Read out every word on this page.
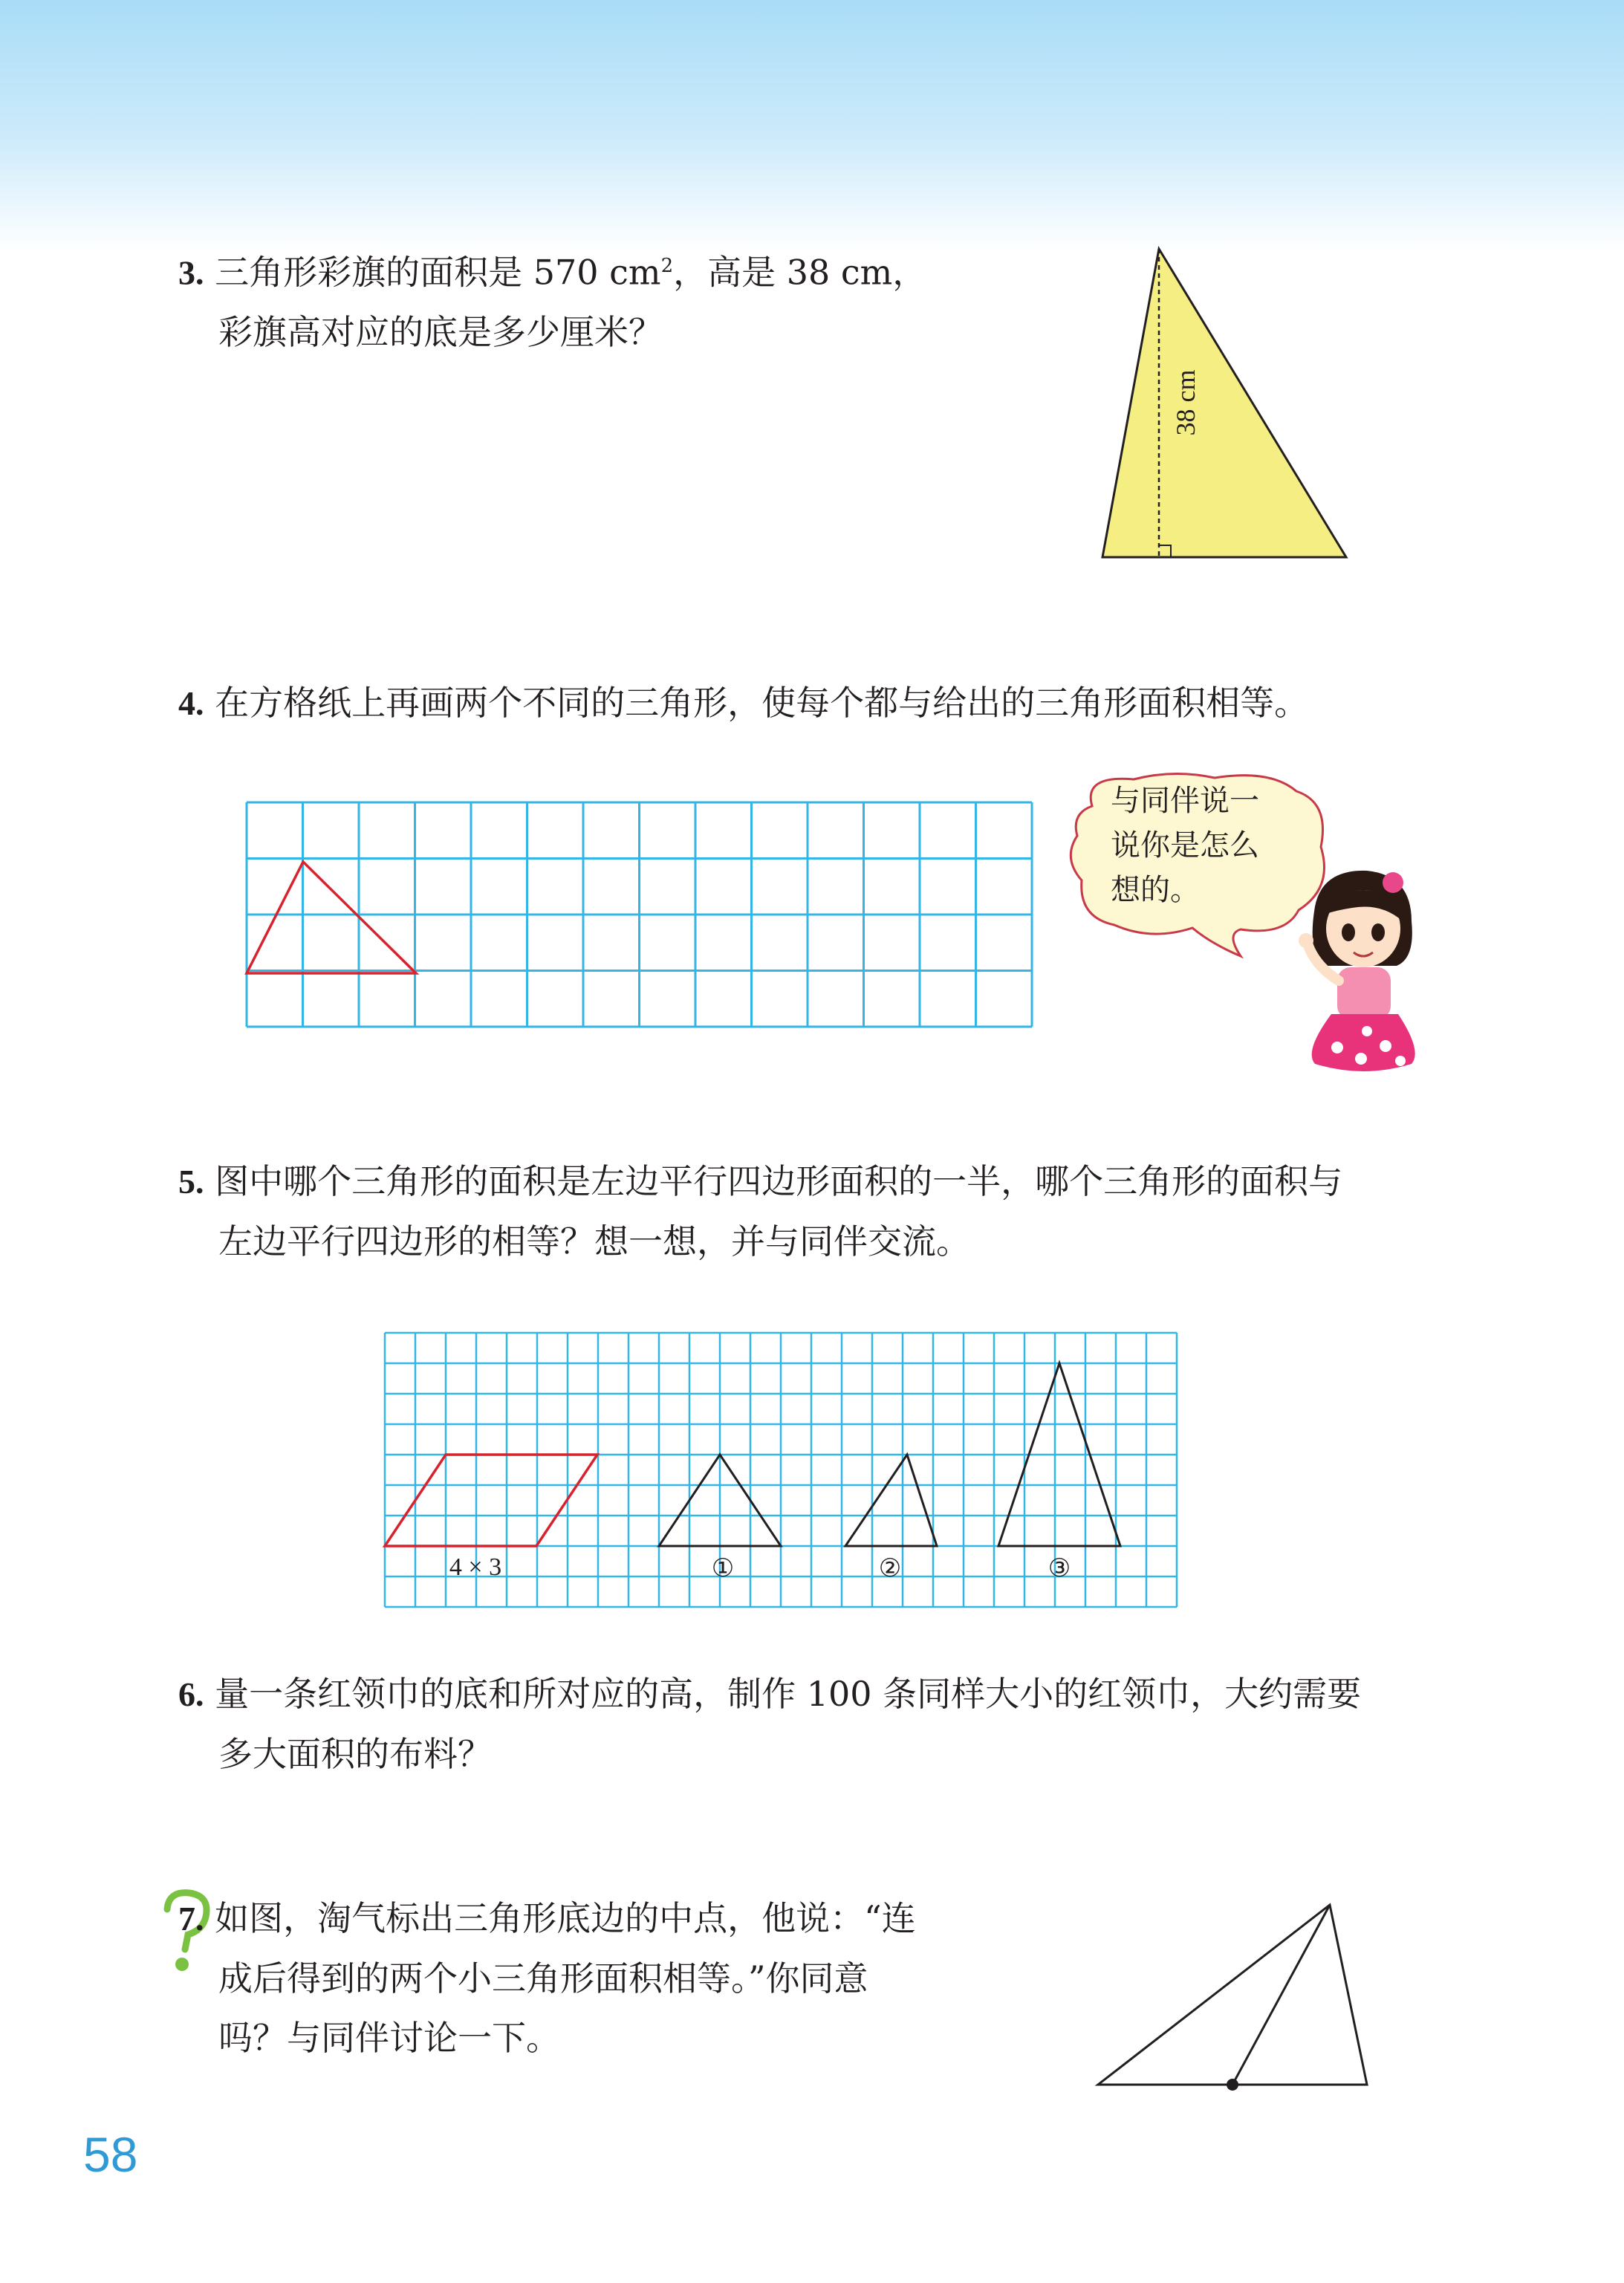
3. 三角形彩旗的面积是 570 $cm^2$，高是 38 cm，
彩旗高对应的底是多少厘米？
38 cm
4. 在方格纸上再画两个不同的三角形，使每个都与给出的三角形面积相等。
与同伴说一
说你是怎么
想的。
5. 图中哪个三角形的面积是左边平行四边形面积的一半，哪个三角形的面积与
左边平行四边形的相等？想一想，并与同伴交流。
4 × 3	①	②	③
6. 量一条红领巾的底和所对应的高，制作 100 条同样大小的红领巾，大约需要
多大面积的布料？
7. 如图，淘气标出三角形底边的中点，他说：“连
成后得到的两个小三角形面积相等。”你同意
吗？与同伴讨论一下。
58
